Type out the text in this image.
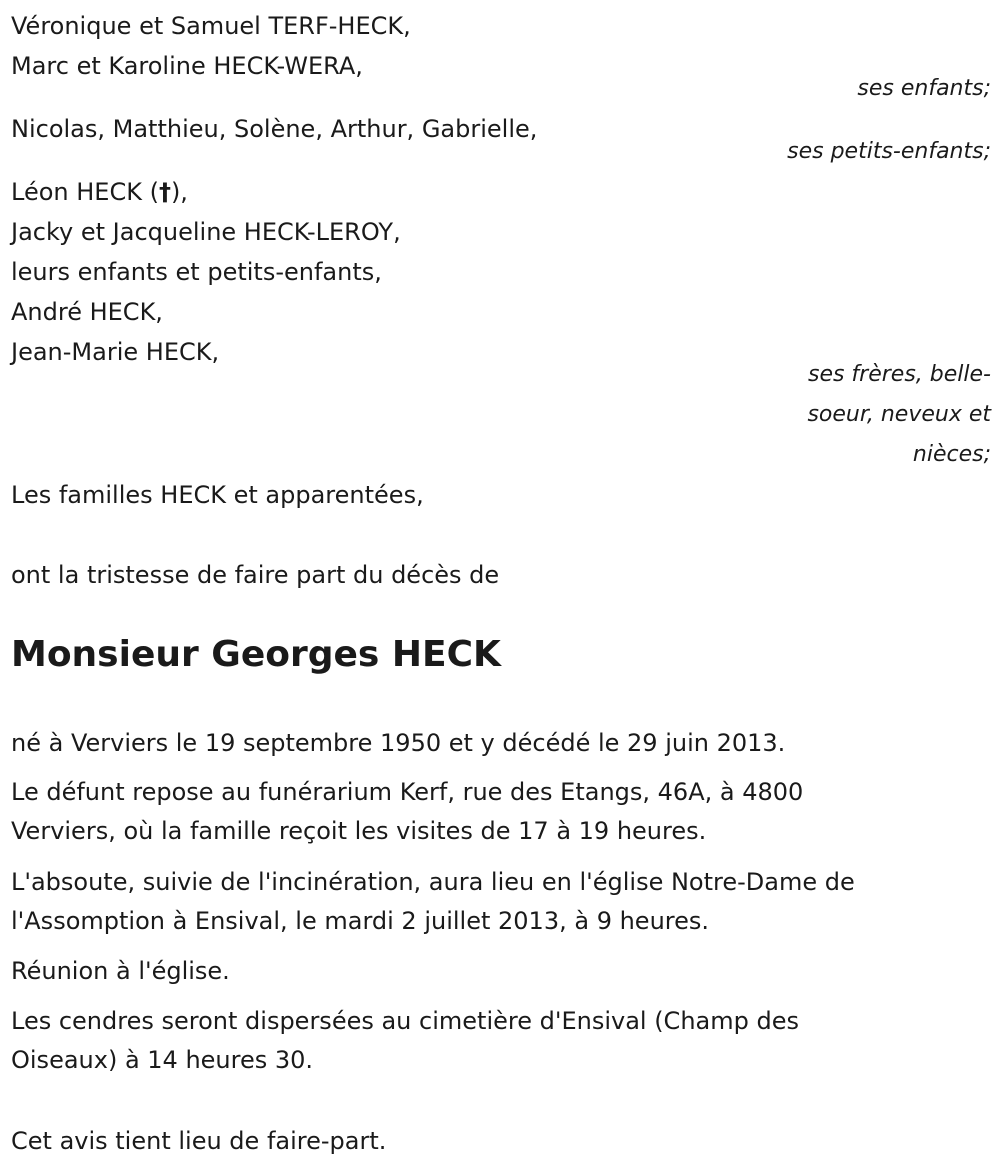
Véronique et Samuel TERF-HECK,
Marc et Karoline HECK-WERA,
ses enfants;
Nicolas, Matthieu, Solène, Arthur, Gabrielle,
ses petits-enfants;
Léon HECK (†),
Jacky et Jacqueline HECK-LEROY,
leurs enfants et petits-enfants,
André HECK,
Jean-Marie HECK,
ses frères, belle-
soeur, neveux et
nièces;
Les familles HECK et apparentées,
ont la tristesse de faire part du décès de
Monsieur Georges HECK
né à Verviers le 19 septembre 1950 et y décédé le 29 juin 2013.
Le défunt repose au funérarium Kerf, rue des Etangs, 46A, à 4800
Verviers, où la famille reçoit les visites de 17 à 19 heures.
L'absoute, suivie de l'incinération, aura lieu en l'église Notre-Dame de
l'Assomption à Ensival, le mardi 2 juillet 2013, à 9 heures.
Réunion à l'église.
Les cendres seront dispersées au cimetière d'Ensival (Champ des
Oiseaux) à 14 heures 30.
Cet avis tient lieu de faire-part.
